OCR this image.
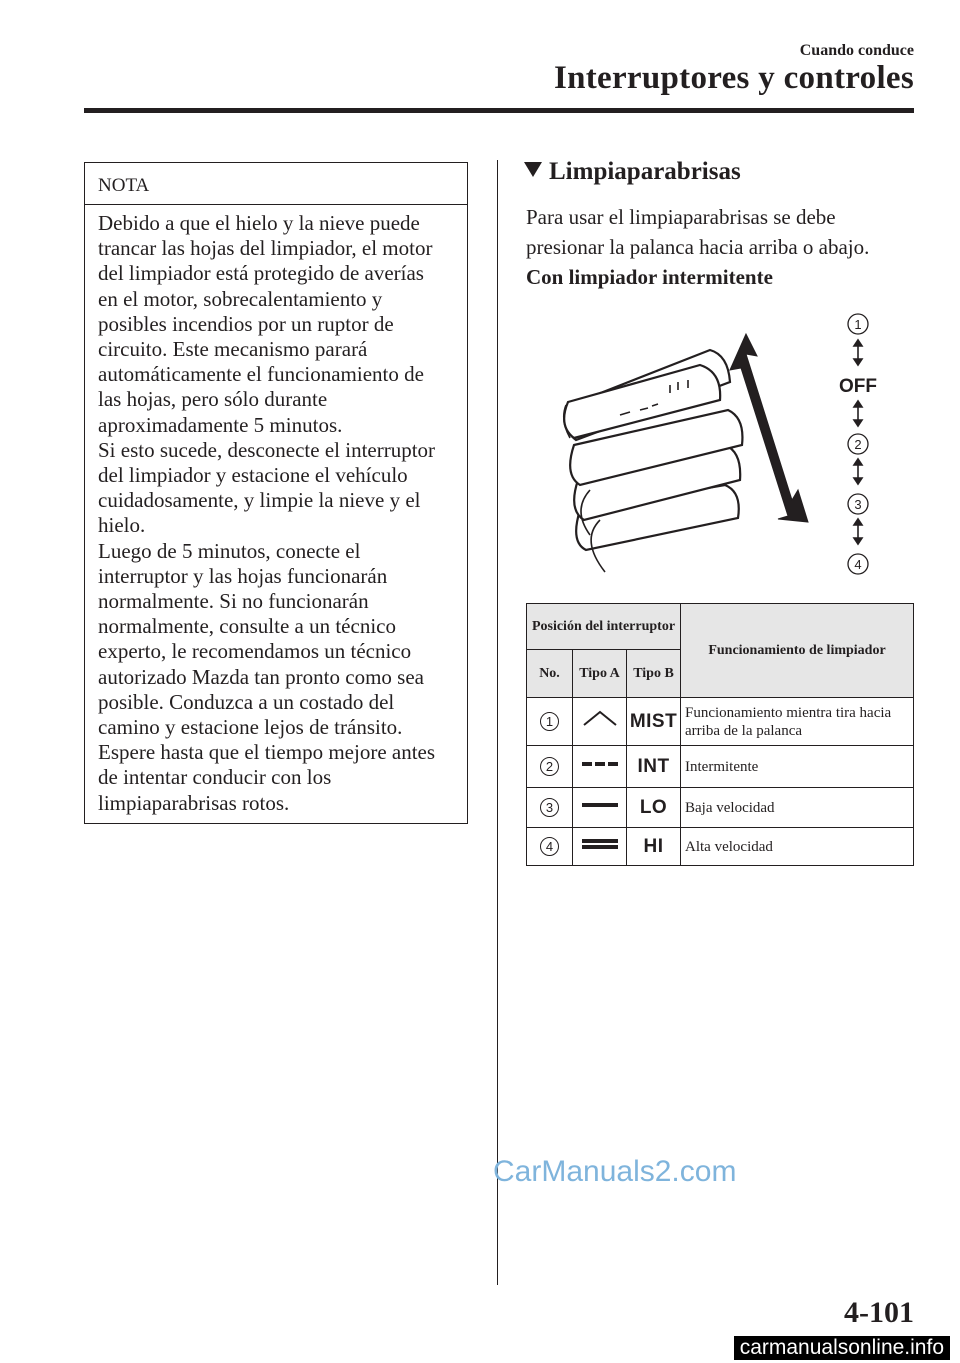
Cuando conduce
Interruptores y controles
NOTA
Debido a que el hielo y la nieve puede
trancar las hojas del limpiador, el motor
del limpiador está protegido de averías
en el motor, sobrecalentamiento y
posibles incendios por un ruptor de
circuito. Este mecanismo parará
automáticamente el funcionamiento de
las hojas, pero sólo durante
aproximadamente 5 minutos.
Si esto sucede, desconecte el interruptor
del limpiador y estacione el vehículo
cuidadosamente, y limpie la nieve y el
hielo.
Luego de 5 minutos, conecte el
interruptor y las hojas funcionarán
normalmente. Si no funcionarán
normalmente, consulte a un técnico
experto, le recomendamos un técnico
autorizado Mazda tan pronto como sea
posible. Conduzca a un costado del
camino y estacione lejos de tránsito.
Espere hasta que el tiempo mejore antes
de intentar conducir con los
limpiaparabrisas rotos.
Limpiaparabrisas
Para usar el limpiaparabrisas se debe presionar la palanca hacia arriba o abajo.
Con limpiador intermitente
1
OFF
2
3
4
Posición del interruptor			Funcionamiento de limpiador
No.	Tipo A	Tipo B	
1		MIST	Funcionamiento mientra tira hacia arriba de la palanca
2		INT	Intermitente
3		LO	Baja velocidad
4		HI	Alta velocidad
CarManuals2.com
4-101
carmanualsonline.info
